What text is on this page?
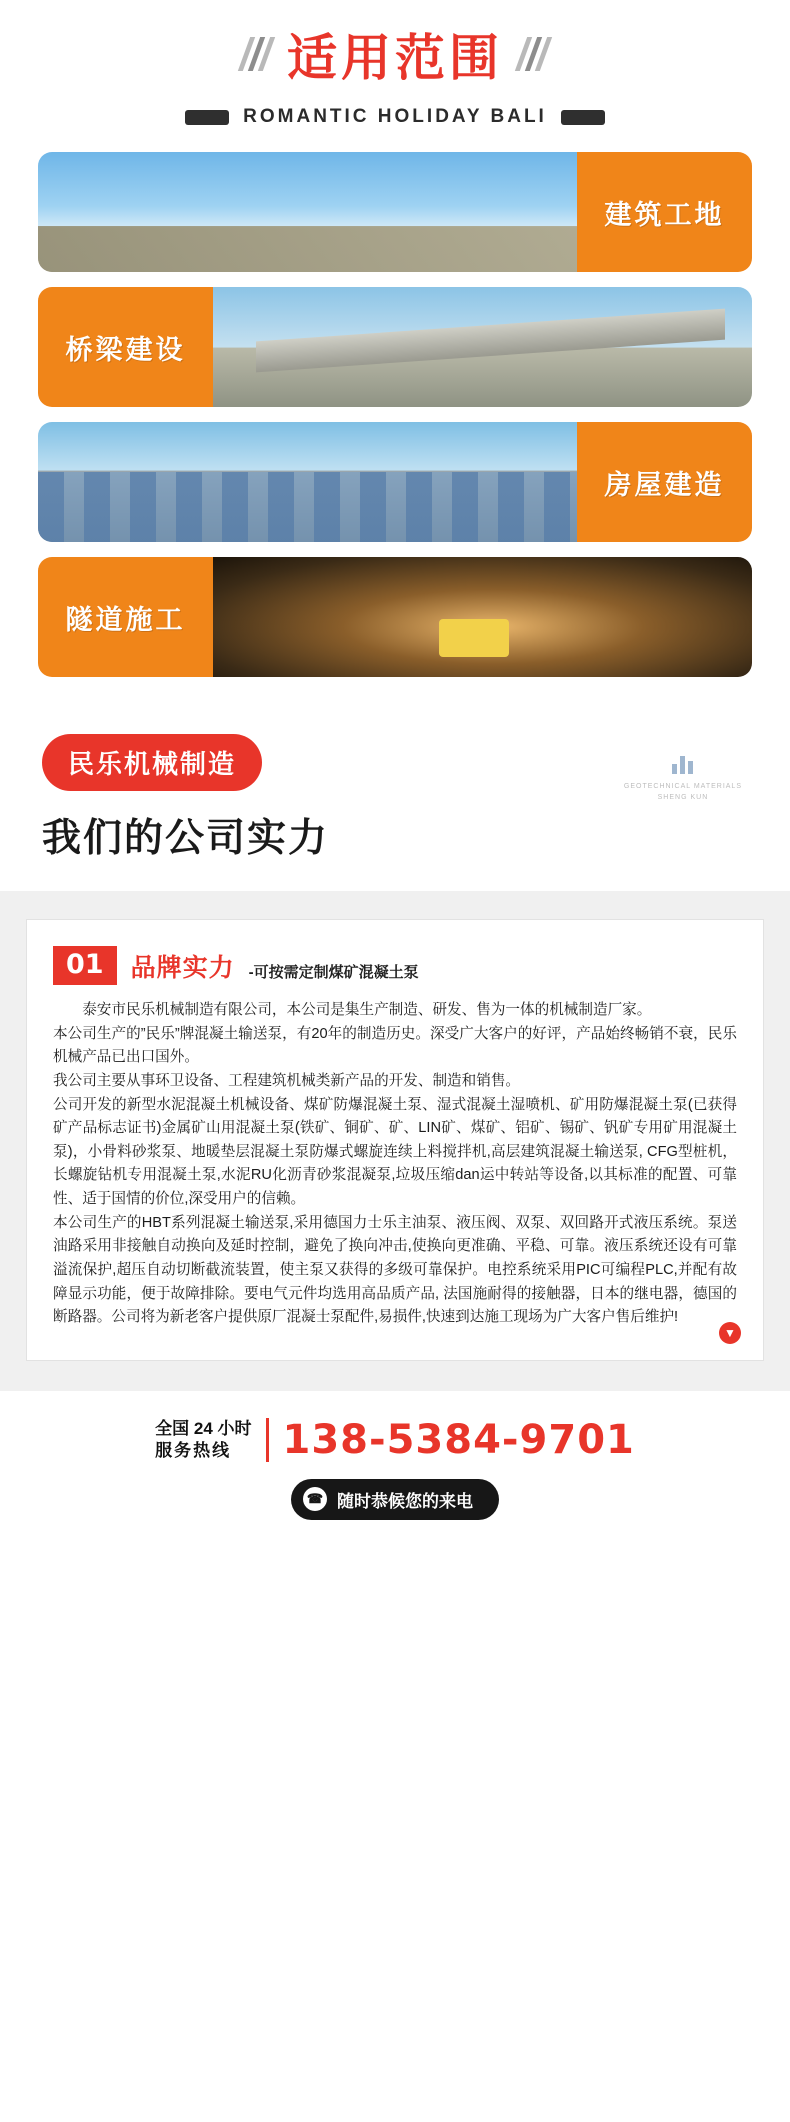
适用范围
ROMANTIC HOLIDAY BALI
建筑工地
桥梁建设
房屋建造
隧道施工
民乐机械制造
我们的公司实力
GEOTECHNICAL MATERIALS
SHENG KUN
01	品牌实力 -可按需定制煤矿混凝土泵

泰安市民乐机械制造有限公司，本公司是集生产制造、研发、售为一体的机械制造厂家。

本公司生产的”民乐”牌混凝土输送泵，有20年的制造历史。深受广大客户的好评，产品始终畅销不衰，民乐机械产品已出口国外。

我公司主要从事环卫设备、工程建筑机械类新产品的开发、制造和销售。

公司开发的新型水泥混凝土机械设备、煤矿防爆混凝土泵、湿式混凝土湿喷机、矿用防爆混凝土泵(已获得矿产品标志证书)金属矿山用混凝土泵(铁矿、铜矿、矿、LIN矿、煤矿、铝矿、锡矿、钒矿专用矿用混凝土泵)，小骨料砂浆泵、地暖垫层混凝土泵防爆式螺旋连续上料搅拌机,高层建筑混凝土输送泵, CFG型桩机，长螺旋钻机专用混凝土泵,水泥RU化沥青砂浆混凝泵,垃圾压缩dan运中转站等设备,以其标准的配置、可靠性、适于国情的价位,深受用户的信赖。

本公司生产的HBT系列混凝土输送泵,采用德国力士乐主油泵、液压阀、双泵、双回路开式液压系统。泵送油路采用非接触自动换向及延时控制，避免了换向冲击,使换向更准确、平稳、可靠。液压系统还设有可靠溢流保护,超压自动切断截流装置，使主泵又获得的多级可靠保护。电控系统采用PIC可编程PLC,并配有故障显示功能，便于故障排除。要电气元件均选用高品质产品, 法国施耐得的接触器，日本的继电器，德国的断路器。公司将为新老客户提供原厂混凝士泵配件,易损件,快速到达施工现场为广大客户售后维护!

▼
全国 24 小时
服务热线	138-5384-9701
☎ 随时恭候您的来电
